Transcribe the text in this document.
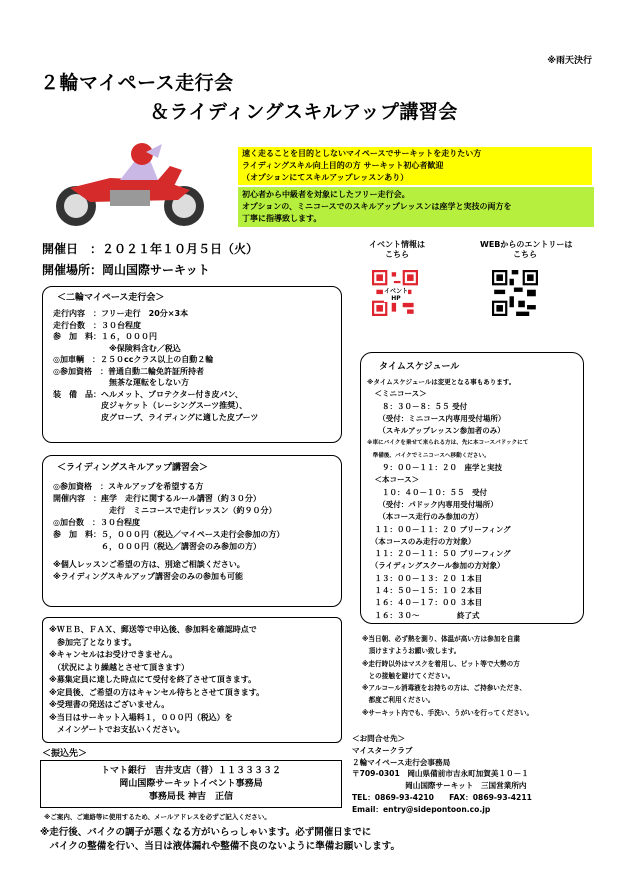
※雨天決行
２輪マイペース走行会
＆ライディングスキルアップ講習会
速く走ることを目的としないマイペースでサーキットを走りたい方
ライディングスキル向上目的の方 サーキット初心者歓迎
（オプションにてスキルアップレッスンあり）
初心者から中級者を対象にしたフリー走行会。
オプションの、ミニコースでのスキルアップレッスンは座学と実技の両方を
丁寧に指導致します。
開催日　：２０２１年１０月５日（火）
開催場所：岡山国際サーキット
イベント情報は
こちら
イベントHP
WEBからのエントリーは
こちら
＜二輪マイペース走行会＞
走行内容　：フリー走行　20分×3本
走行台数　：３０台程度
参　加　料：１６，０００円
　　　　　　　※保険料含む／税込
◎加車輌　：２５０ccクラス以上の自動２輪
◎参加資格　：普通自動二輪免許証所持者
　　　　　　　無茶な運転をしない方
装　備　品：ヘルメット、プロテクター付き皮パン、
　　　　　　皮ジャケット（レーシングスーツ推奨）、
　　　　　　皮グローブ、ライディングに適した皮ブーツ
＜ライディングスキルアップ講習会＞
◎参加資格　：スキルアップを希望する方
開催内容　：座学　走行に関するルール講習（約３０分）
　　　　　　　走行　ミニコースで走行レッスン（約９０分）
◎加台数　：３０台程度
参　加　料：５，０００円（税込／マイペース走行会参加の方）
　　　　　　６，０００円（税込／講習会のみ参加の方）
※個人レッスンご希望の方は、別途ご相談ください。
※ライディングスキルアップ講習会のみの参加も可能
※ＷＥＢ、ＦＡＸ、郵送等で申込後、参加料を確認時点で
　参加完了となります。
※キャンセルはお受けできません。
　（状況により繰越とさせて頂きます）
※募集定員に達した時点にて受付を終了させて頂きます。
※定員後、ご希望の方はキャンセル待ちとさせて頂きます。
※受理書の発送はございません。
※当日はサーキット入場料１，０００円（税込）を
　メインゲートでお支払いください。
＜振込先＞
トマト銀行　吉井支店（普）１１３３３３２
岡山国際サーキットイベント事務局
事務局長 神吉　正信
※ご案内、ご連絡等に使用するため、メールアドレスを必ずご記入ください。
タイムスケジュール
※タイムスケジュールは変更となる事もあります。
　＜ミニコース＞
　　８：３０－８：５５ 受付
　　（受付：ミニコース内専用受付場所）
　　（スキルアップレッスン参加者のみ）
※車にバイクを乗せて来られる方は、先に本コースパドックにて
　準備後、バイクでミニコースへ移動ください。
　　９：００－１１：２０　座学と実技
　＜本コース＞
　　１０：４０－１０：５５　受付
　　（受付：パドック内専用受付場所）
　　（本コース走行のみ参加の方）
　１１：００－１１：２０ ブリーフィング
　（本コースのみ走行の方対象）
　１１：２０－１１：５０ ブリーフィング
　（ライディングスクール参加の方対象）
　１３：００－１３：２０ １本目
　１４：５０－１５：１０ ２本目
　１６：４０－１７：００ ３本目
　１６：３０～　　　　　終了式
※当日朝、必ず熱を測り、体温が高い方は参加を自粛
　頂けますようお願い致します。
※走行時以外はマスクを着用し、ピット等で大勢の方
　との接触を避けてください。
※アルコール消毒液をお持ちの方は、ご持参いただき、
　都度ご利用ください。
※サーキット内でも、手洗い、うがいを行ってください。
＜お問合せ先＞
マイスタークラブ
２輪マイペース走行会事務局
〒709-0301　岡山県備前市吉永町加賀美１０－１
　　　　　　　岡山国際サーキット　三国営業所内
TEL：0869-93-4210　　FAX：0869-93-4211
Email：entry@sidepontoon.co.jp
※走行後、バイクの調子が悪くなる方がいらっしゃいます。必ず開催日までに
　バイクの整備を行い、当日は液体漏れや整備不良のないように準備お願いします。
